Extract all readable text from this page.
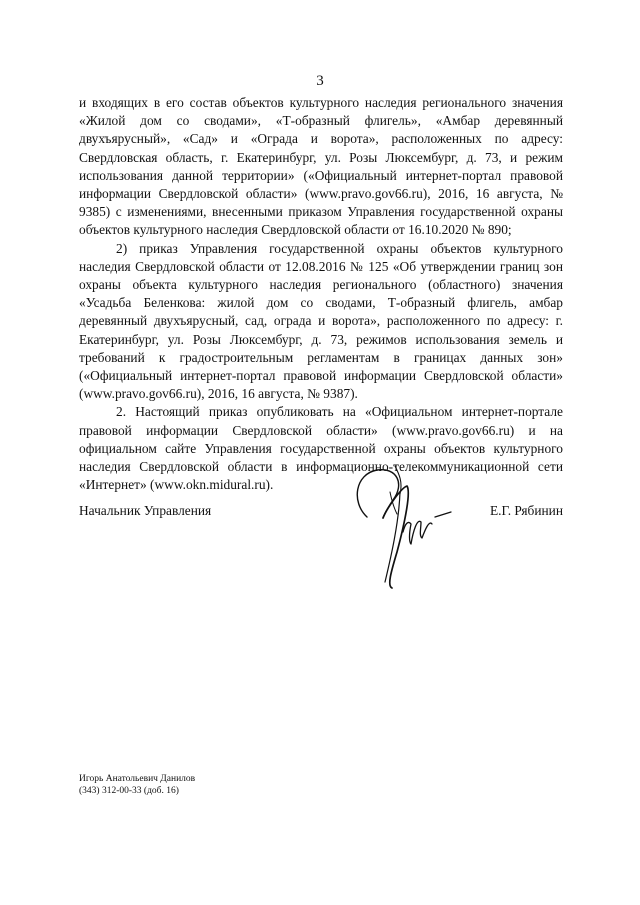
3

и входящих в его состав объектов культурного наследия регионального значения «Жилой дом со сводами», «Т-образный флигель», «Амбар деревянный двухъярусный», «Сад» и «Ограда и ворота», расположенных по адресу: Свердловская область, г. Екатеринбург, ул. Розы Люксембург, д. 73, и режим использования данной территории» («Официальный интернет-портал правовой информации Свердловской области» (www.pravo.gov66.ru), 2016, 16 августа, № 9385) с изменениями, внесенными приказом Управления государственной охраны объектов культурного наследия Свердловской области от 16.10.2020 № 890;

2) приказ Управления государственной охраны объектов культурного наследия Свердловской области от 12.08.2016 № 125 «Об утверждении границ зон охраны объекта культурного наследия регионального (областного) значения «Усадьба Беленкова: жилой дом со сводами, Т-образный флигель, амбар деревянный двухъярусный, сад, ограда и ворота», расположенного по адресу: г. Екатеринбург, ул. Розы Люксембург, д. 73, режимов использования земель и требований к градостроительным регламентам в границах данных зон» («Официальный интернет-портал правовой информации Свердловской области» (www.pravo.gov66.ru), 2016, 16 августа, № 9387).

2. Настоящий приказ опубликовать на «Официальном интернет-портале правовой информации Свердловской области» (www.pravo.gov66.ru) и на официальном сайте Управления государственной охраны объектов культурного наследия Свердловской области в информационно-телекоммуникационной сети «Интернет» (www.okn.midural.ru).

Начальник Управления	Е.Г. Рябинин
Игорь Анатольевич Данилов
(343) 312-00-33 (доб. 16)
